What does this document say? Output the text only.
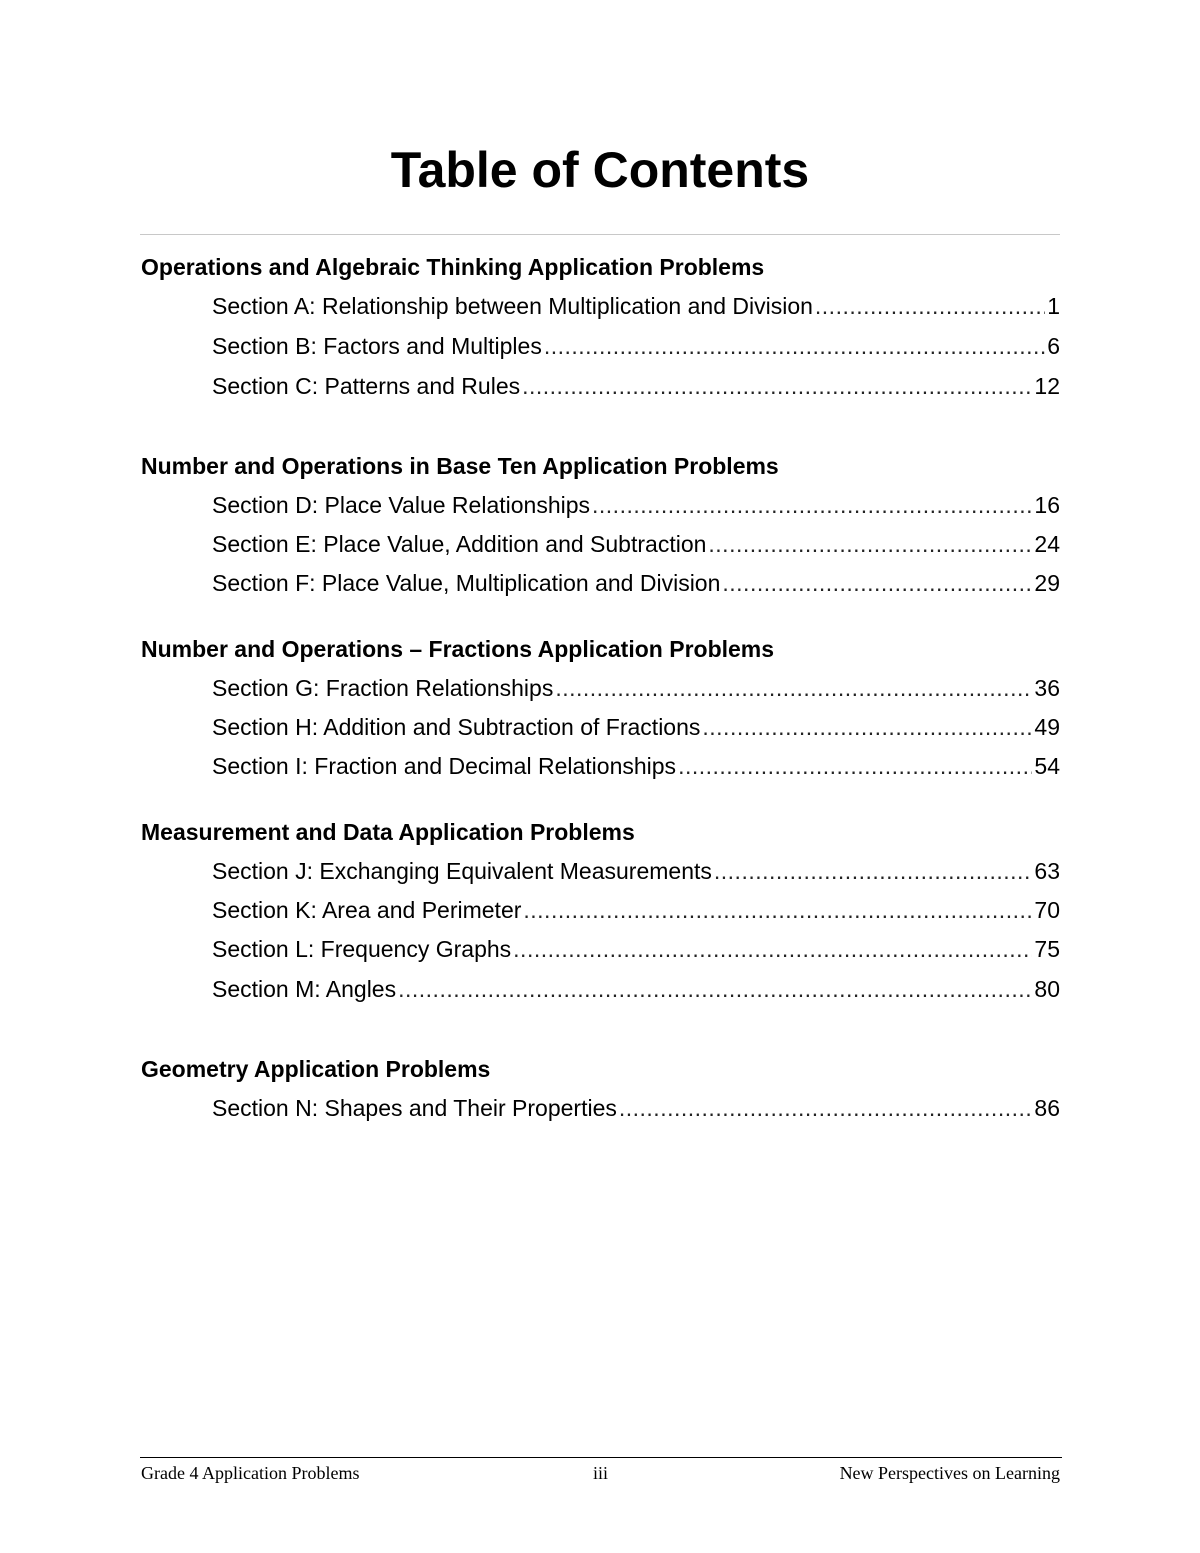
Table of Contents
Operations and Algebraic Thinking Application Problems
Section A: Relationship between Multiplication and Division .....	1
Section B: Factors and Multiples .....	6
Section C: Patterns and Rules .....	12
Number and Operations in Base Ten Application Problems
Section D: Place Value Relationships .....	16
Section E: Place Value, Addition and Subtraction .....	24
Section F: Place Value, Multiplication and Division .....	29
Number and Operations – Fractions Application Problems
Section G: Fraction Relationships .....	36
Section H: Addition and Subtraction of Fractions .....	49
Section I: Fraction and Decimal Relationships .....	54
Measurement and Data Application Problems
Section J: Exchanging Equivalent Measurements .....	63
Section K: Area and Perimeter .....	70
Section L: Frequency Graphs .....	75
Section M: Angles .....	80
Geometry Application Problems
Section N: Shapes and Their Properties .....	86
iii
Grade 4 Application Problems	New Perspectives on Learning
